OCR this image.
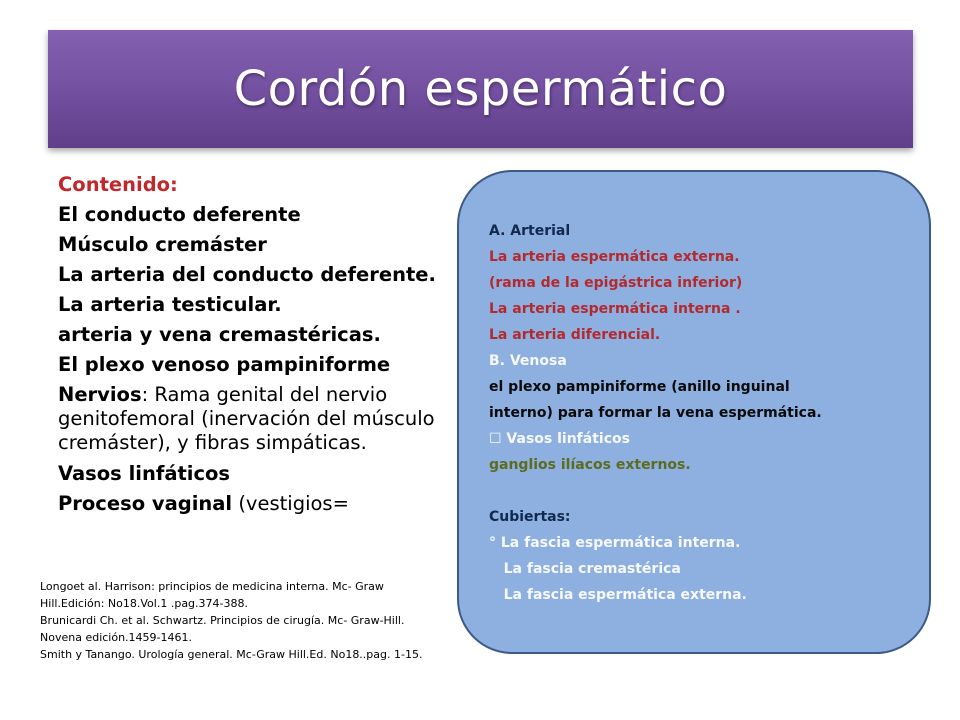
Cordón espermático
Contenido:
El conducto deferente
Músculo cremáster
La arteria del conducto deferente.
La arteria testicular.
arteria y vena cremastéricas.
El plexo venoso pampiniforme
Nervios: Rama genital del nervio genitofemoral (inervación del músculo cremáster), y fibras simpáticas.
Vasos linfáticos
Proceso vaginal (vestigios=
Longoet al. Harrison: principios de medicina interna. Mc- Graw
Hill.Edición: No18.Vol.1 .pag.374-388.
Brunicardi Ch. et al. Schwartz. Principios de cirugía. Mc- Graw-Hill.
Novena edición.1459-1461.
Smith y Tanango. Urología general. Mc-Graw Hill.Ed. No18..pag. 1-15.
A. Arterial
La arteria espermática externa.
(rama de la epigástrica inferior)
La arteria espermática interna .
La arteria diferencial.
B. Venosa
el plexo pampiniforme (anillo inguinal
interno) para formar la vena espermática.
☐ Vasos linfáticos
ganglios ilíacos externos.
Cubiertas:
° La fascia espermática interna.
La fascia cremastérica
La fascia espermática externa.
